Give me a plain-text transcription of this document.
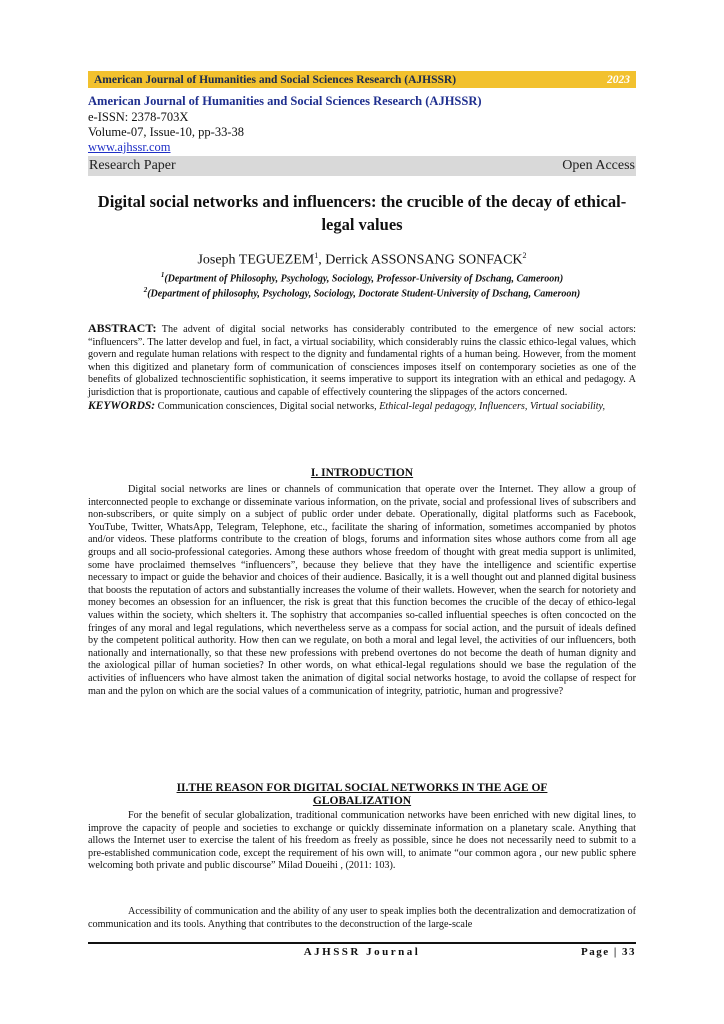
American Journal of Humanities and Social Sciences Research (AJHSSR)	2023
American Journal of Humanities and Social Sciences Research (AJHSSR)
e-ISSN: 2378-703X
Volume-07, Issue-10, pp-33-38
www.ajhssr.com
Research Paper	Open Access
Digital social networks and influencers: the crucible of the decay of ethical-legal values
Joseph TEGUEZEM$^1$, Derrick ASSONSANG SONFACK$^2$
$^1$(Department of Philosophy, Psychology, Sociology, Professor-University of Dschang, Cameroon)
$^2$(Department of philosophy, Psychology, Sociology, Doctorate Student-University of Dschang, Cameroon)
ABSTRACT: The advent of digital social networks has considerably contributed to the emergence of new social actors: “influencers”. The latter develop and fuel, in fact, a virtual sociability, which considerably ruins the classic ethico-legal values, which govern and regulate human relations with respect to the dignity and fundamental rights of a human being. However, from the moment when this digitized and planetary form of communication of consciences imposes itself on contemporary societies as one of the benefits of globalized technoscientific sophistication, it seems imperative to support its integration with an ethical and pedagogy. A jurisdiction that is proportionate, cautious and capable of effectively countering the slippages of the actors concerned.
KEYWORDS: Communication consciences, Digital social networks, Ethical-legal pedagogy, Influencers, Virtual sociability,
I. INTRODUCTION
Digital social networks are lines or channels of communication that operate over the Internet. They allow a group of interconnected people to exchange or disseminate various information, on the private, social and professional lives of subscribers and non-subscribers, or quite simply on a subject of public order under debate. Operationally, digital platforms such as Facebook, YouTube, Twitter, WhatsApp, Telegram, Telephone, etc., facilitate the sharing of information, sometimes accompanied by photos and/or videos. These platforms contribute to the creation of blogs, forums and information sites whose authors come from all age groups and all socio-professional categories. Among these authors whose freedom of thought with great media support is unlimited, some have proclaimed themselves “influencers”, because they believe that they have the intelligence and scientific expertise necessary to impact or guide the behavior and choices of their audience. Basically, it is a well thought out and planned digital business that boosts the reputation of actors and substantially increases the volume of their wallets. However, when the search for notoriety and money becomes an obsession for an influencer, the risk is great that this function becomes the crucible of the decay of ethico-legal values within the society, which shelters it. The sophistry that accompanies so-called influential speeches is often concocted on the fringes of any moral and legal regulations, which nevertheless serve as a compass for social action, and the pursuit of ideals defined by the competent political authority. How then can we regulate, on both a moral and legal level, the activities of our influencers, both nationally and internationally, so that these new professions with prebend overtones do not become the death of human dignity and the axiological pillar of human societies? In other words, on what ethical-legal regulations should we base the regulation of the activities of influencers who have almost taken the animation of digital social networks hostage, to avoid the collapse of respect for man and the pylon on which are the social values of a communication of integrity, patriotic, human and progressive?
II.THE REASON FOR DIGITAL SOCIAL NETWORKS IN THE AGE OF
GLOBALIZATION
For the benefit of secular globalization, traditional communication networks have been enriched with new digital lines, to improve the capacity of people and societies to exchange or quickly disseminate information on a planetary scale. Anything that allows the Internet user to exercise the talent of his freedom as freely as possible, since he does not necessarily need to submit to a pre-established communication code, except the requirement of his own will, to animate “our common agora , our new public sphere welcoming both private and public discourse” Milad Doueihi , (2011: 103).
Accessibility of communication and the ability of any user to speak implies both the decentralization and democratization of communication and its tools. Anything that contributes to the deconstruction of the large-scale
AJHSSR Journal	Page | 33
